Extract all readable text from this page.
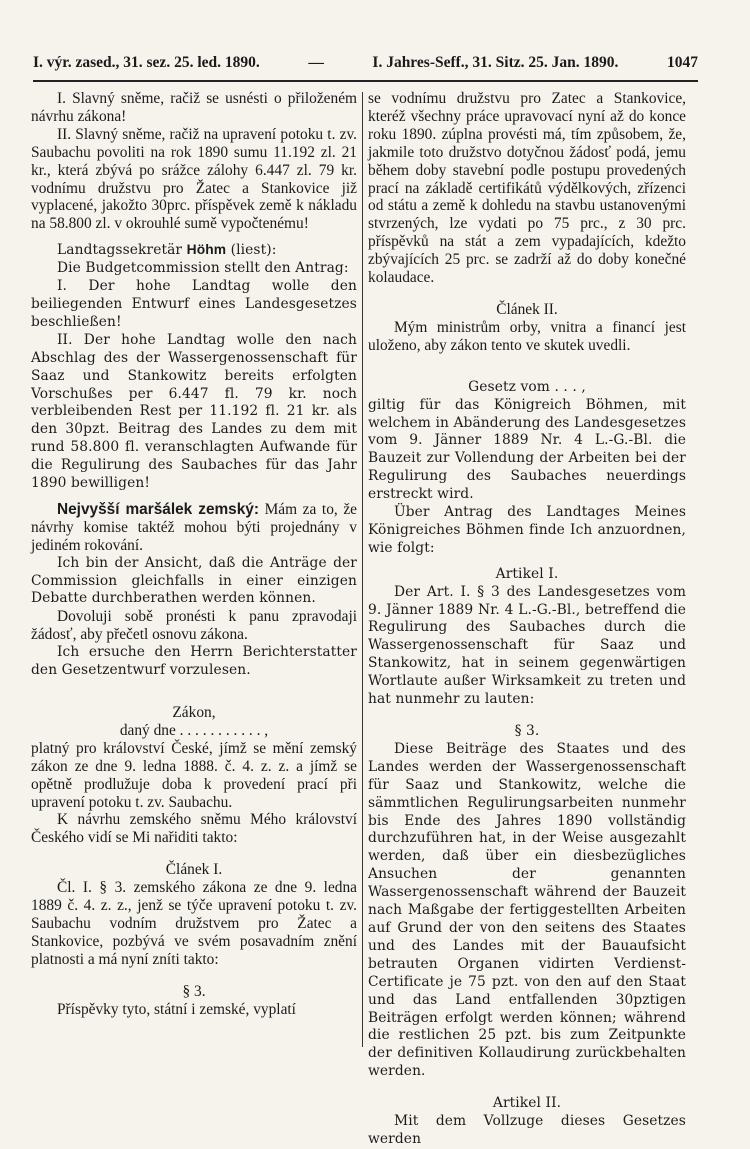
I. výr. zased., 31. sez. 25. led. 1890.	—	I. Jahres-Seff., 31. Sitz. 25. Jan. 1890.	1047

I. Slavný sněme, račiž se usnésti o přiloženém návrhu zákona!

II. Slavný sněme, račiž na upravení potoku t. zv. Saubachu povoliti na rok 1890 sumu 11.192 zl. 21 kr., která zbývá po srážce zálohy 6.447 zl. 79 kr. vodnímu družstvu pro Žatec a Stankovice již vyplacené, jakožto 30prc. příspěvek země k nákladu na 58.800 zl. v okrouhlé sumě vypočtenému!

Landtagssekretär Höhm (liest):

Die Budgetcommission stellt den Antrag:

I. Der hohe Landtag wolle den beiliegenden Entwurf eines Landesgesetzes beschließen!

II. Der hohe Landtag wolle den nach Abschlag des der Wassergenossenschaft für Saaz und Stankowitz bereits erfolgten Vorschußes per 6.447 fl. 79 kr. noch verbleibenden Rest per 11.192 fl. 21 kr. als den 30pzt. Beitrag des Landes zu dem mit rund 58.800 fl. veranschlagten Aufwande für die Regulirung des Saubaches für das Jahr 1890 bewilligen!

Nejvyšší maršálek zemský: Mám za to, že návrhy komise taktéž mohou býti projednány v jediném rokování.

Ich bin der Ansicht, daß die Anträge der Commission gleichfalls in einer einzigen Debatte durchberathen werden können.

Dovoluji sobě pronésti k panu zpravodaji žádosť, aby přečetl osnovu zákona.

Ich ersuche den Herrn Berichterstatter den Gesetzentwurf vorzulesen.

Zákon,

daný dne . . . . . . . . . . . ,

platný pro království České, jímž se mění zemský zákon ze dne 9. ledna 1888. č. 4. z. z. a jímž se opětně prodlužuje doba k provedení prací při upravení potoku t. zv. Saubachu.

K návrhu zemského sněmu Mého království Českého vidí se Mi nařiditi takto:

Článek I.

Čl. I. § 3. zemského zákona ze dne 9. ledna 1889 č. 4. z. z., jenž se týče upravení potoku t. zv. Saubachu vodním družstvem pro Žatec a Stankovice, pozbývá ve svém posavadním znění platnosti a má nyní zníti takto:

§ 3.

Příspěvky tyto, státní i zemské, vyplatí

se vodnímu družstvu pro Zatec a Stankovice, kteréž všechny práce upravovací nyní až do konce roku 1890. zúplna provésti má, tím způsobem, že, jakmile toto družstvo dotyčnou žádosť podá, jemu během doby stavební podle postupu provedených prací na základě certifikátů výdělkových, zřízenci od státu a země k dohledu na stavbu ustanovenými stvrzených, lze vydati po 75 prc., z 30 prc. příspěvků na stát a zem vypadajících, kdežto zbývajících 25 prc. se zadrží až do doby konečné kolaudace.

Článek II.

Mým ministrům orby, vnitra a financí jest uloženo, aby zákon tento ve skutek uvedli.

Gesetz vom . . . ,

giltig für das Königreich Böhmen, mit welchem in Abänderung des Landesgesetzes vom 9. Jänner 1889 Nr. 4 L.-G.-Bl. die Bauzeit zur Vollendung der Arbeiten bei der Regulirung des Saubaches neuerdings erstreckt wird.

Über Antrag des Landtages Meines Königreiches Böhmen finde Ich anzuordnen, wie folgt:

Artikel I.

Der Art. I. § 3 des Landesgesetzes vom 9. Jänner 1889 Nr. 4 L.-G.-Bl., betreffend die Regulirung des Saubaches durch die Wassergenossenschaft für Saaz und Stankowitz, hat in seinem gegenwärtigen Wortlaute außer Wirksamkeit zu treten und hat nunmehr zu lauten:

§ 3.

Diese Beiträge des Staates und des Landes werden der Wassergenossenschaft für Saaz und Stankowitz, welche die sämmtlichen Regulirungsarbeiten nunmehr bis Ende des Jahres 1890 vollständig durchzuführen hat, in der Weise ausgezahlt werden, daß über ein diesbezügliches Ansuchen der genannten Wassergenossenschaft während der Bauzeit nach Maßgabe der fertiggestellten Arbeiten auf Grund der von den seitens des Staates und des Landes mit der Bauaufsicht betrauten Organen vidirten Verdienst-Certificate je 75 pzt. von den auf den Staat und das Land entfallenden 30pztigen Beiträgen erfolgt werden können; während die restlichen 25 pzt. bis zum Zeitpunkte der definitiven Kollaudirung zurückbehalten werden.

Artikel II.

Mit dem Vollzuge dieses Gesetzes werden
